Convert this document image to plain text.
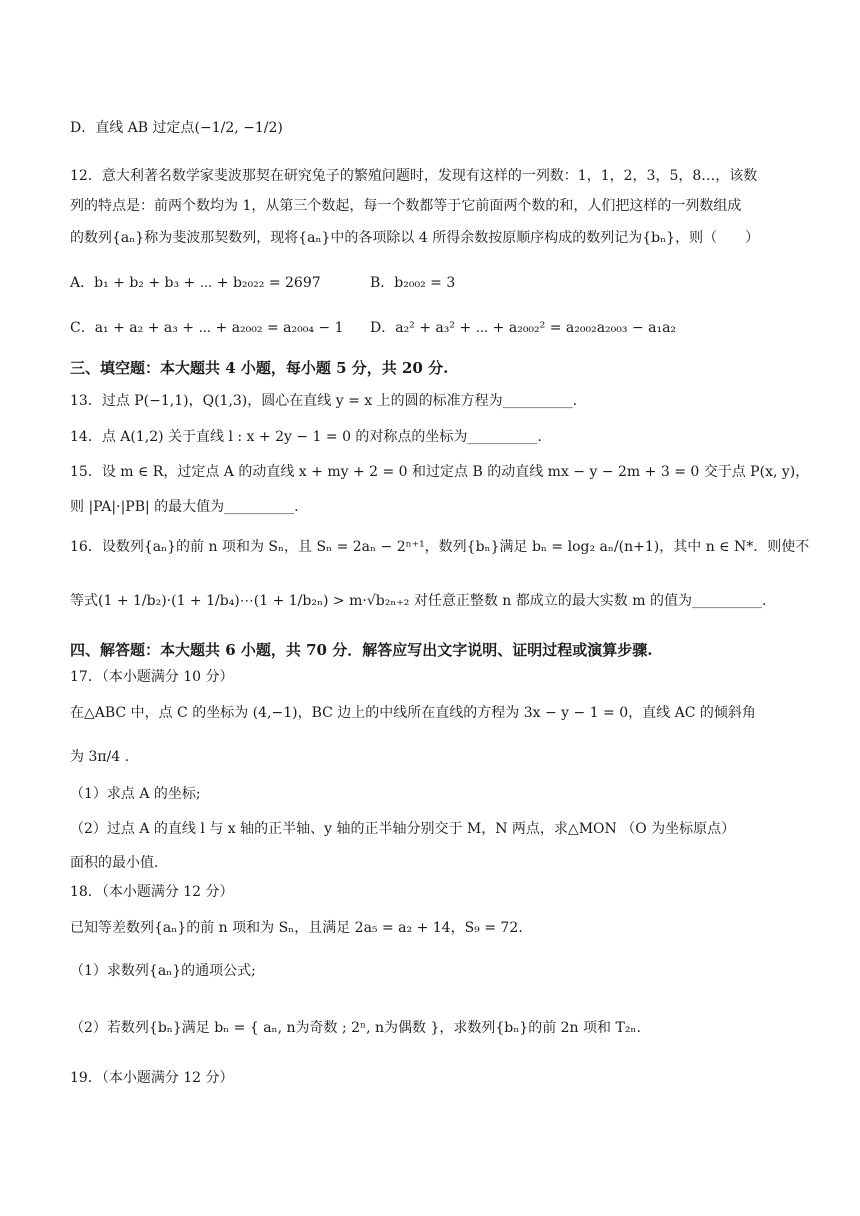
D．直线 AB 过定点(−1/2, −1/2)
12．意大利著名数学家斐波那契在研究兔子的繁殖问题时，发现有这样的一列数：1，1，2，3，5，8…，该数
列的特点是：前两个数均为 1，从第三个数起，每一个数都等于它前面两个数的和，人们把这样的一列数组成
的数列{aₙ}称为斐波那契数列，现将{aₙ}中的各项除以 4 所得余数按原顺序构成的数列记为{bₙ}，则（　　）
A．b₁ + b₂ + b₃ + ⋯ + b₂₀₂₂ = 2697	B．b₂₀₀₂ = 3
C．a₁ + a₂ + a₃ + ⋯ + a₂₀₀₂ = a₂₀₀₄ − 1 D．a₂² + a₃² + ⋯ + a₂₀₀₂² = a₂₀₀₂a₂₀₀₃ − a₁a₂
三、填空题：本大题共 4 小题，每小题 5 分，共 20 分.
13．过点 P(−1,1)，Q(1,3)，圆心在直线 y = x 上的圆的标准方程为__________.
14．点 A(1,2) 关于直线 l : x + 2y − 1 = 0 的对称点的坐标为__________.
15．设 m ∈ R，过定点 A 的动直线 x + my + 2 = 0 和过定点 B 的动直线 mx − y − 2m + 3 = 0 交于点 P(x, y)，
则 |PA|·|PB| 的最大值为__________.
16．设数列{aₙ}的前 n 项和为 Sₙ，且 Sₙ = 2aₙ − 2ⁿ⁺¹，数列{bₙ}满足 bₙ = log₂ aₙ/(n+1)，其中 n ∈ N*．则使不
等式(1 + 1/b₂)·(1 + 1/b₄)⋯(1 + 1/b₂ₙ) > m·√b₂ₙ₊₂ 对任意正整数 n 都成立的最大实数 m 的值为__________.
四、解答题：本大题共 6 小题，共 70 分．解答应写出文字说明、证明过程或演算步骤.
17．（本小题满分 10 分）
在△ABC 中，点 C 的坐标为 (4,−1)，BC 边上的中线所在直线的方程为 3x − y − 1 = 0，直线 AC 的倾斜角
为 3π/4 .
（1）求点 A 的坐标;
（2）过点 A 的直线 l 与 x 轴的正半轴、y 轴的正半轴分别交于 M，N 两点，求△MON （O 为坐标原点）
面积的最小值.
18．（本小题满分 12 分）
已知等差数列{aₙ}的前 n 项和为 Sₙ，且满足 2a₅ = a₂ + 14，S₉ = 72.
（1）求数列{aₙ}的通项公式;
（2）若数列{bₙ}满足 bₙ = { aₙ, n为奇数 ; 2ⁿ, n为偶数 }，求数列{bₙ}的前 2n 项和 T₂ₙ.
19．（本小题满分 12 分）
